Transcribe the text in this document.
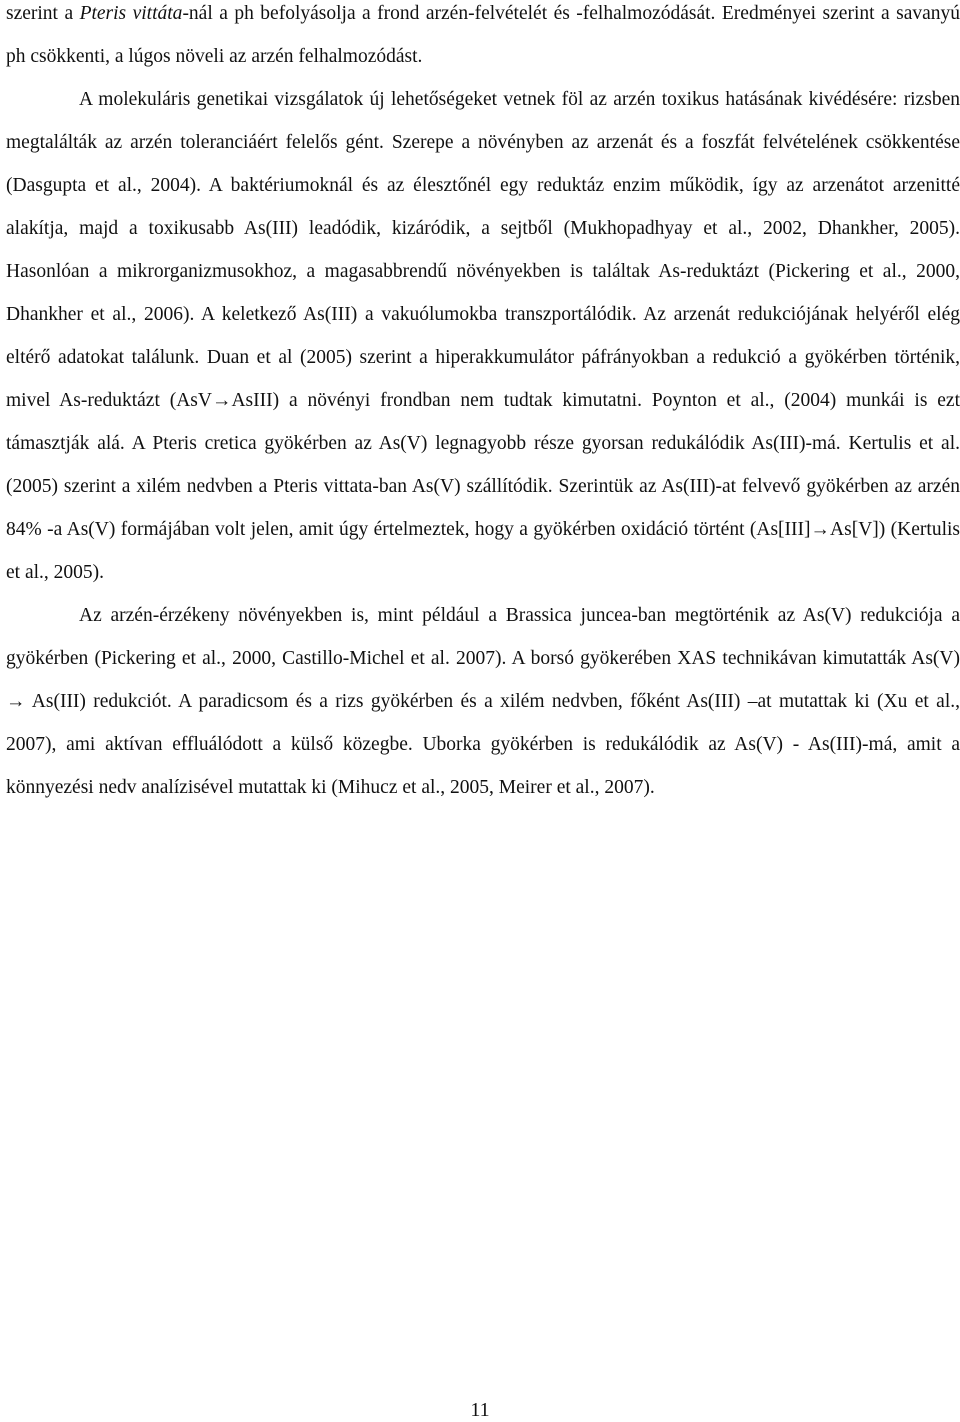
szerint a Pteris vittáta-nál a ph befolyásolja a frond arzén-felvételét és -felhalmozódását. Eredményei szerint a savanyú ph csökkenti, a lúgos növeli az arzén felhalmozódást.

A molekuláris genetikai vizsgálatok új lehetőségeket vetnek föl az arzén toxikus hatásának kivédésére: rizsben megtalálták az arzén toleranciáért felelős gént. Szerepe a növényben az arzenát és a foszfát felvételének csökkentése (Dasgupta et al., 2004). A baktériumoknál és az élesztőnél egy reduktáz enzim működik, így az arzenátot arzenitté alakítja, majd a toxikusabb As(III) leadódik, kizáródik, a sejtből (Mukhopadhyay et al., 2002, Dhankher, 2005). Hasonlóan a mikrorganizmusokhoz, a magasabbrendű növényekben is találtak As-reduktázt (Pickering et al., 2000, Dhankher et al., 2006). A keletkező As(III) a vakuólumokba transzportálódik. Az arzenát redukciójának helyéről elég eltérő adatokat találunk. Duan et al (2005) szerint a hiperakkumulátor páfrányokban a redukció a gyökérben történik, mivel As-reduktázt (AsV→AsIII) a növényi frondban nem tudtak kimutatni. Poynton et al., (2004) munkái is ezt támasztják alá. A Pteris cretica gyökérben az As(V) legnagyobb része gyorsan redukálódik As(III)-má. Kertulis et al. (2005) szerint a xilém nedvben a Pteris vittata-ban As(V) szállítódik. Szerintük az As(III)-at felvevő gyökérben az arzén 84% -a As(V) formájában volt jelen, amit úgy értelmeztek, hogy a gyökérben oxidáció történt (As[III]→As[V]) (Kertulis et al., 2005).

Az arzén-érzékeny növényekben is, mint például a Brassica juncea-ban megtörténik az As(V) redukciója a gyökérben (Pickering et al., 2000, Castillo-Michel et al. 2007). A borsó gyökerében XAS technikávan kimutatták As(V) → As(III) redukciót. A paradicsom és a rizs gyökérben és a xilém nedvben, főként As(III) –at mutattak ki (Xu et al., 2007), ami aktívan effluálódott a külső közegbe. Uborka gyökérben is redukálódik az As(V) - As(III)-má, amit a könnyezési nedv analízisével mutattak ki (Mihucz et al., 2005, Meirer et al., 2007).

11
